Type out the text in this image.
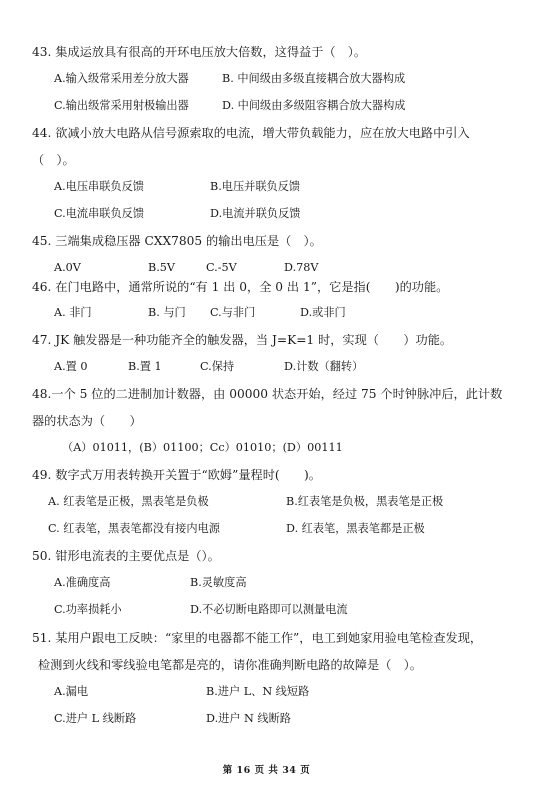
43. 集成运放具有很高的开环电压放大倍数，这得益于（　）。
A.输入级常采用差分放大器	B. 中间级由多级直接耦合放大器构成
C.输出级常采用射极输出器	D. 中间级由多级阻容耦合放大器构成
44. 欲减小放大电路从信号源索取的电流，增大带负载能力，应在放大电路中引入
（　）。
A.电压串联负反馈	B.电压并联负反馈
C.电流串联负反馈	D.电流并联负反馈
45. 三端集成稳压器 CXX7805 的输出电压是（　）。
A.0V	B.5V	C.-5V	D.78V
46. 在门电路中，通常所说的“有 1 出 0，全 0 出 1”，它是指(　　)的功能。
A. 非门	B. 与门 C.与非门	D.或非门
47. JK 触发器是一种功能齐全的触发器，当 J=K=1 时，实现（　　）功能。
A.置 0	B.置 1	C.保持	D.计数（翻转）
48.一个 5 位的二进制加计数器，由 00000 状态开始，经过 75 个时钟脉冲后，此计数
器的状态为（　　）
（A）01011，(B）01100；Cc）01010；(D）00111
49. 数字式万用表转换开关置于“欧姆”量程时(　　)。
A. 红表笔是正极，黑表笔是负极	B.红表笔是负极，黑表笔是正极
C. 红表笔，黑表笔都没有接内电源	D. 红表笔，黑表笔都是正极
50. 钳形电流表的主要优点是（）。
A.准确度高	B.灵敏度高
C.功率损耗小	D.不必切断电路即可以测量电流
51. 某用户跟电工反映：“家里的电器都不能工作”，电工到她家用验电笔检查发现，
检测到火线和零线验电笔都是亮的，请你准确判断电路的故障是（　）。
A.漏电	B.进户 L、N 线短路
C.进户 L 线断路	D.进户 N 线断路
第 16 页 共 34 页
